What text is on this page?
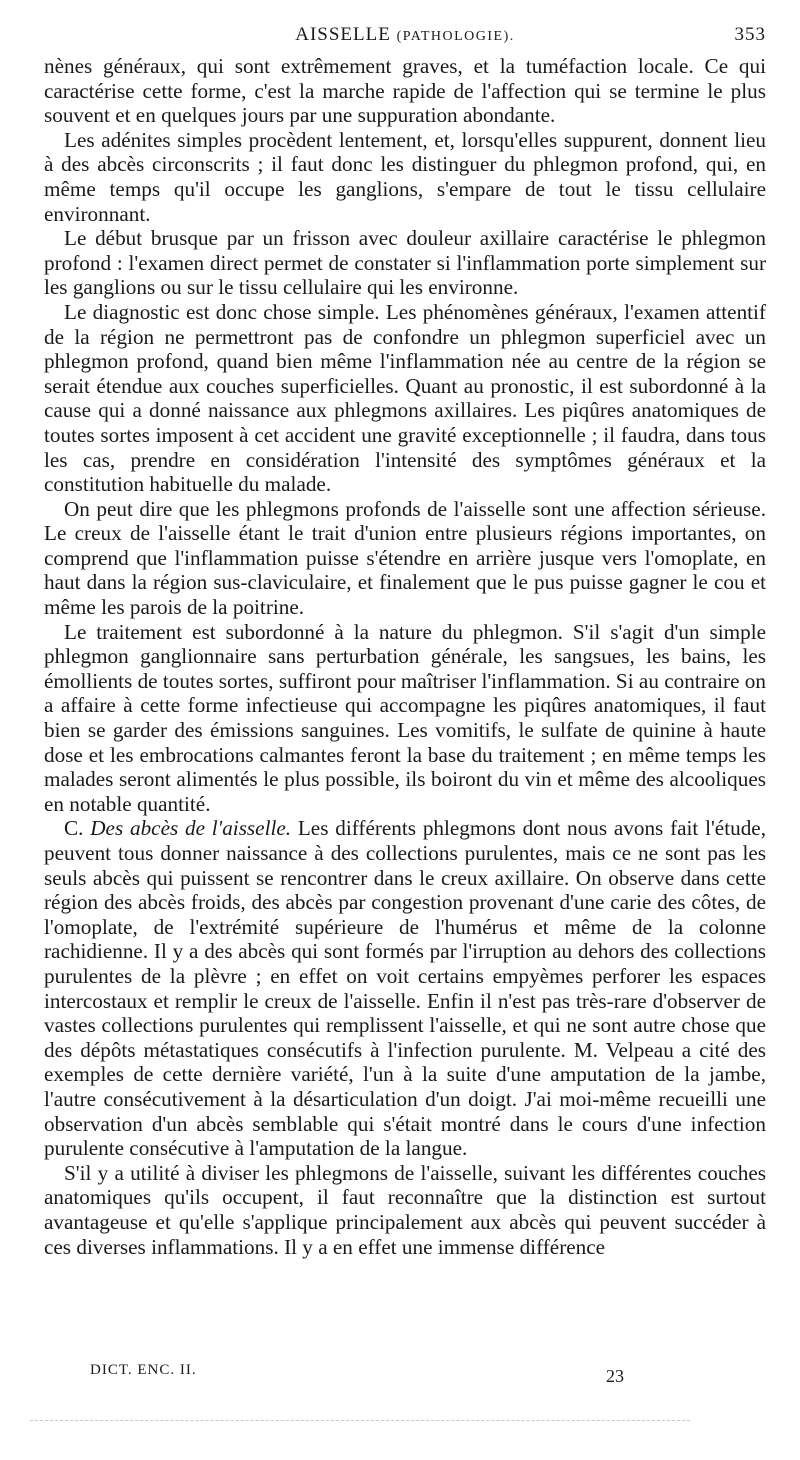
AISSELLE (PATHOLOGIE).	353

nènes généraux, qui sont extrêmement graves, et la tuméfaction locale. Ce qui caractérise cette forme, c'est la marche rapide de l'affection qui se termine le plus souvent et en quelques jours par une suppuration abondante.

Les adénites simples procèdent lentement, et, lorsqu'elles suppurent, donnent lieu à des abcès circonscrits ; il faut donc les distinguer du phlegmon profond, qui, en même temps qu'il occupe les ganglions, s'empare de tout le tissu cellulaire environnant.

Le début brusque par un frisson avec douleur axillaire caractérise le phlegmon profond : l'examen direct permet de constater si l'inflammation porte simplement sur les ganglions ou sur le tissu cellulaire qui les environne.

Le diagnostic est donc chose simple. Les phénomènes généraux, l'examen attentif de la région ne permettront pas de confondre un phlegmon superficiel avec un phlegmon profond, quand bien même l'inflammation née au centre de la région se serait étendue aux couches superficielles. Quant au pronostic, il est subordonné à la cause qui a donné naissance aux phlegmons axillaires. Les piqûres anatomiques de toutes sortes imposent à cet accident une gravité exceptionnelle ; il faudra, dans tous les cas, prendre en considération l'intensité des symptômes généraux et la constitution habituelle du malade.

On peut dire que les phlegmons profonds de l'aisselle sont une affection sérieuse. Le creux de l'aisselle étant le trait d'union entre plusieurs régions importantes, on comprend que l'inflammation puisse s'étendre en arrière jusque vers l'omoplate, en haut dans la région sus-claviculaire, et finalement que le pus puisse gagner le cou et même les parois de la poitrine.

Le traitement est subordonné à la nature du phlegmon. S'il s'agit d'un simple phlegmon ganglionnaire sans perturbation générale, les sangsues, les bains, les émollients de toutes sortes, suffiront pour maîtriser l'inflammation. Si au contraire on a affaire à cette forme infectieuse qui accompagne les piqûres anatomiques, il faut bien se garder des émissions sanguines. Les vomitifs, le sulfate de quinine à haute dose et les embrocations calmantes feront la base du traitement ; en même temps les malades seront alimentés le plus possible, ils boiront du vin et même des alcooliques en notable quantité.

C. Des abcès de l'aisselle. Les différents phlegmons dont nous avons fait l'étude, peuvent tous donner naissance à des collections purulentes, mais ce ne sont pas les seuls abcès qui puissent se rencontrer dans le creux axillaire. On observe dans cette région des abcès froids, des abcès par congestion provenant d'une carie des côtes, de l'omoplate, de l'extrémité supérieure de l'humérus et même de la colonne rachidienne. Il y a des abcès qui sont formés par l'irruption au dehors des collections purulentes de la plèvre ; en effet on voit certains empyèmes perforer les espaces intercostaux et remplir le creux de l'aisselle. Enfin il n'est pas très-rare d'observer de vastes collections purulentes qui remplissent l'aisselle, et qui ne sont autre chose que des dépôts métastatiques consécutifs à l'infection purulente. M. Velpeau a cité des exemples de cette dernière variété, l'un à la suite d'une amputation de la jambe, l'autre consécutivement à la désarticulation d'un doigt. J'ai moi-même recueilli une observation d'un abcès semblable qui s'était montré dans le cours d'une infection purulente consécutive à l'amputation de la langue.

S'il y a utilité à diviser les phlegmons de l'aisselle, suivant les différentes couches anatomiques qu'ils occupent, il faut reconnaître que la distinction est surtout avantageuse et qu'elle s'applique principalement aux abcès qui peuvent succéder à ces diverses inflammations. Il y a en effet une immense différence

DICT. ENC. II.	23
